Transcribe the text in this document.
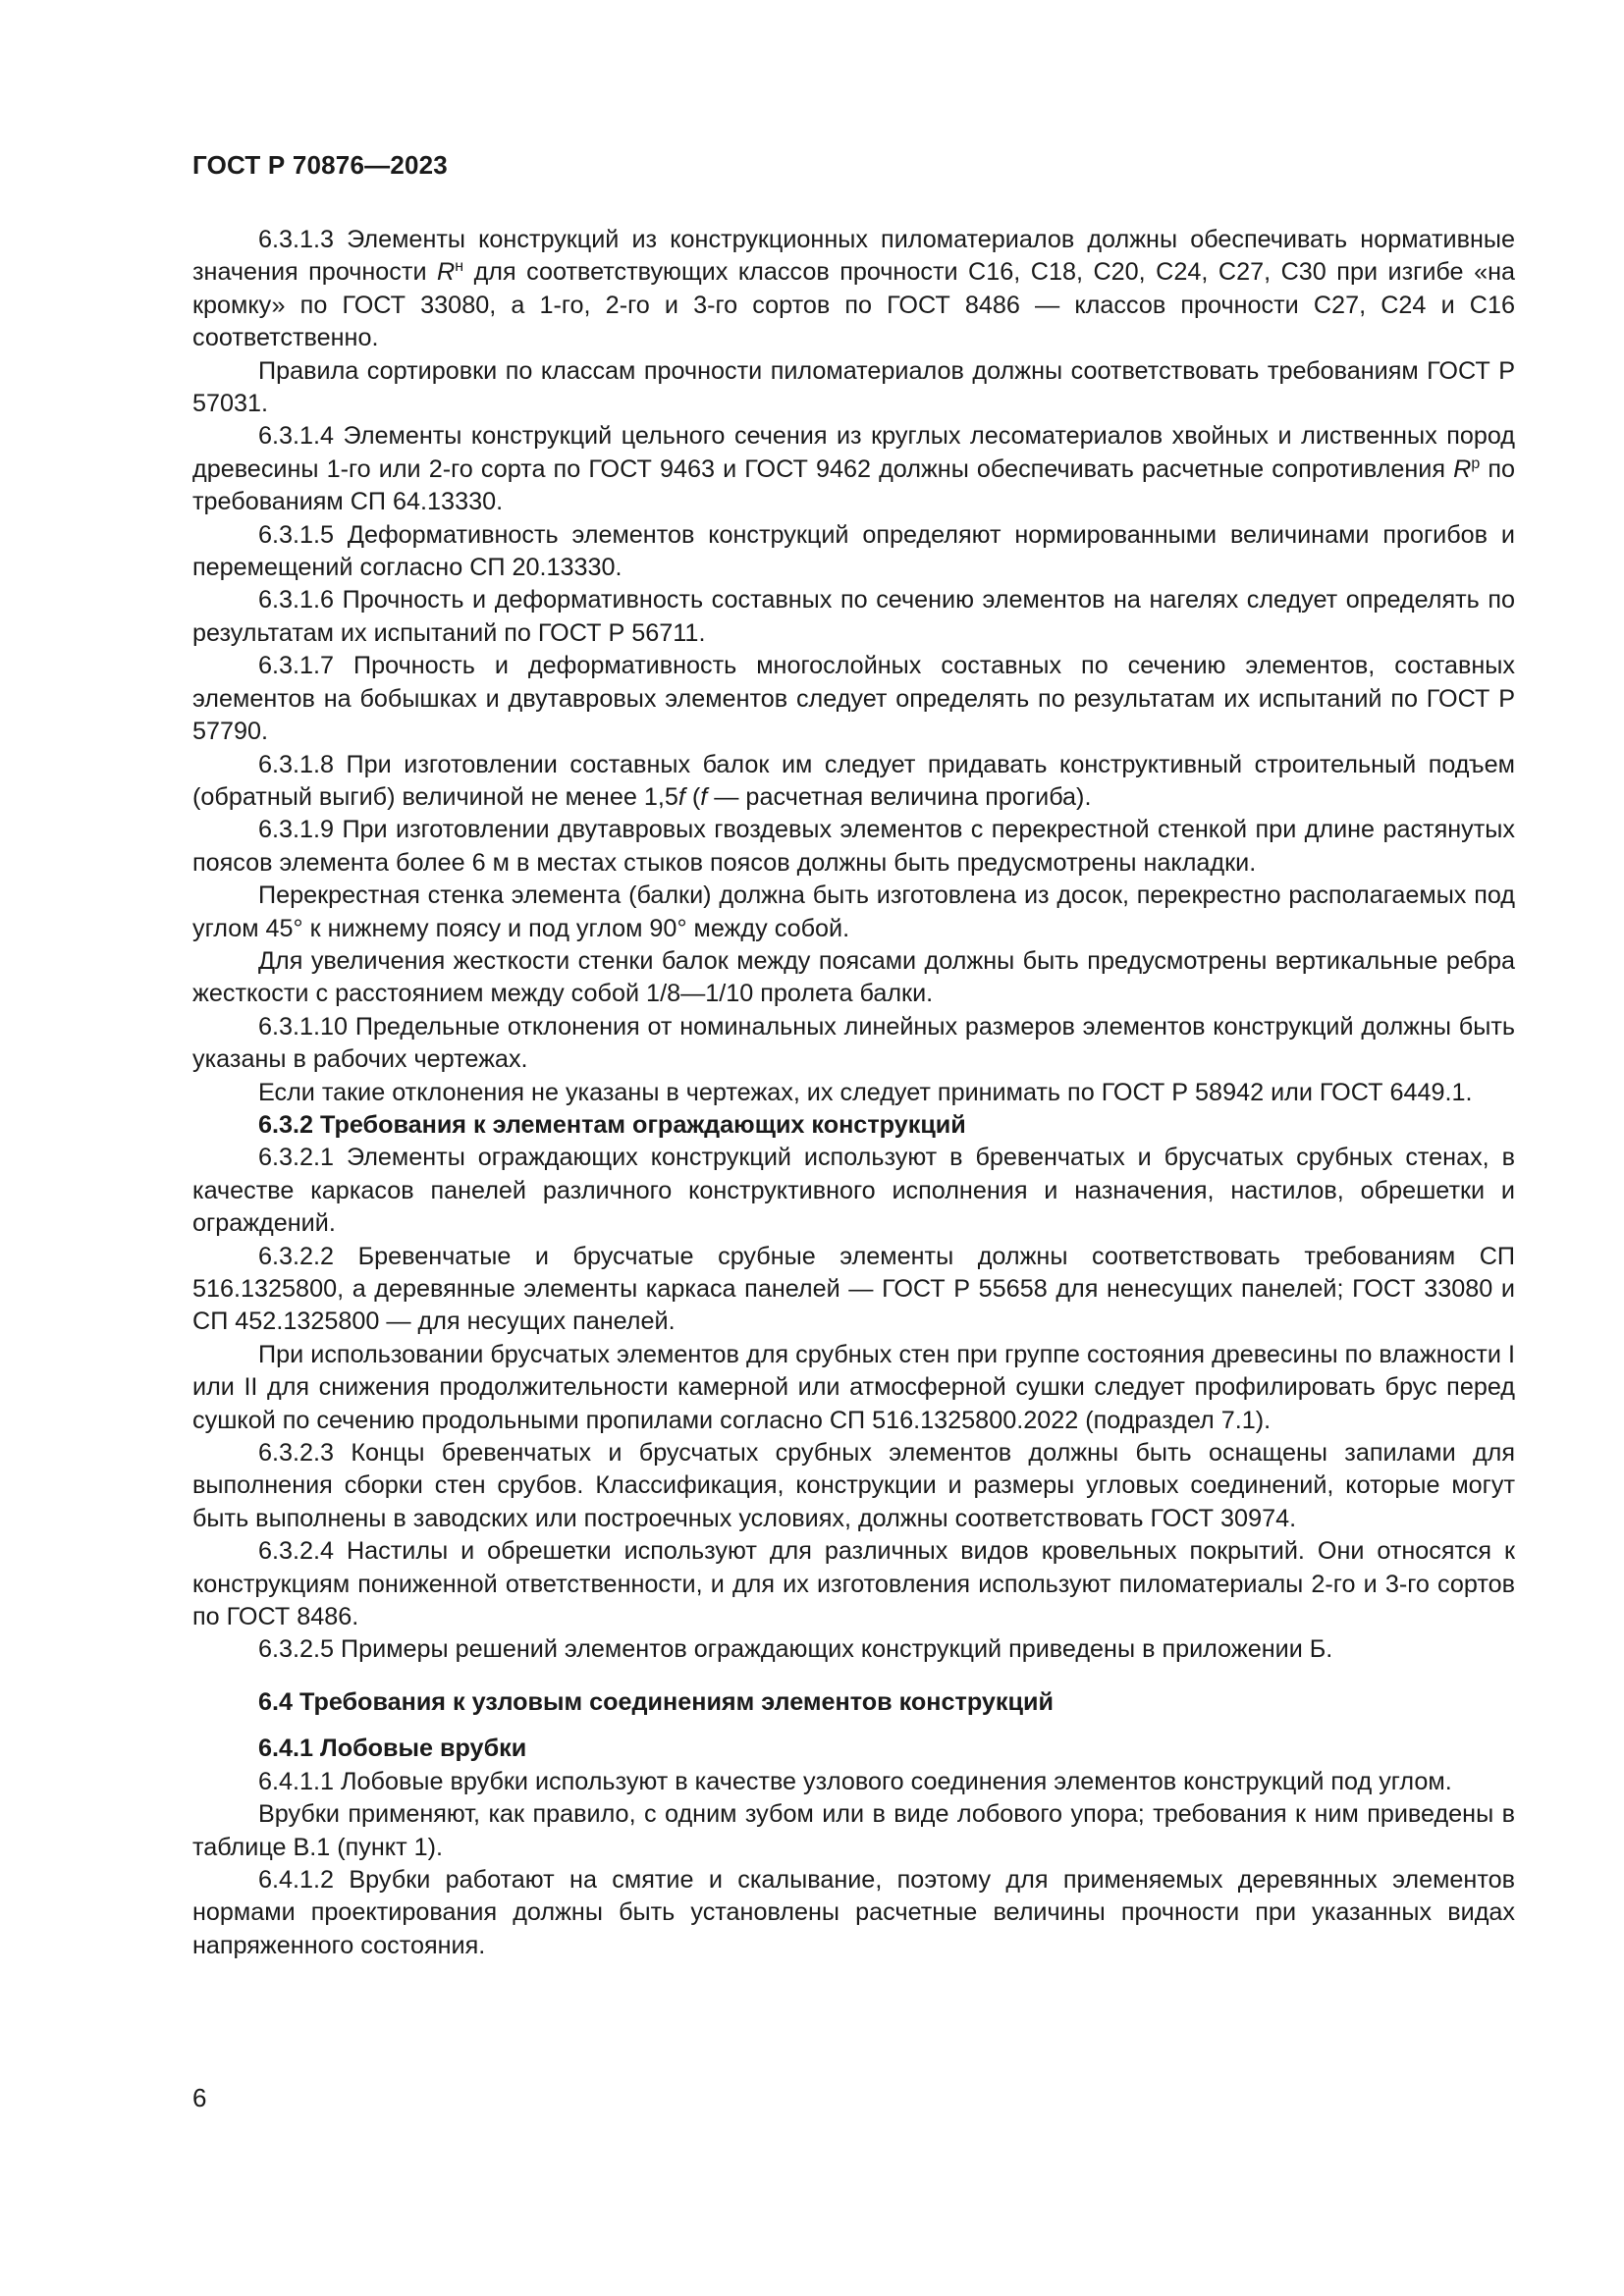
ГОСТ Р 70876—2023

6.3.1.3 Элементы конструкций из конструкционных пиломатериалов должны обеспечивать нормативные значения прочности $R^н$ для соответствующих классов прочности С16, С18, С20, С24, С27, С30 при изгибе «на кромку» по ГОСТ 33080, а 1-го, 2-го и 3-го сортов по ГОСТ 8486 — классов прочности С27, С24 и С16 соответственно.

Правила сортировки по классам прочности пиломатериалов должны соответствовать требованиям ГОСТ Р 57031.

6.3.1.4 Элементы конструкций цельного сечения из круглых лесоматериалов хвойных и лиственных пород древесины 1-го или 2-го сорта по ГОСТ 9463 и ГОСТ 9462 должны обеспечивать расчетные сопротивления $R^р$ по требованиям СП 64.13330.

6.3.1.5 Деформативность элементов конструкций определяют нормированными величинами прогибов и перемещений согласно СП 20.13330.

6.3.1.6 Прочность и деформативность составных по сечению элементов на нагелях следует определять по результатам их испытаний по ГОСТ Р 56711.

6.3.1.7 Прочность и деформативность многослойных составных по сечению элементов, составных элементов на бобышках и двутавровых элементов следует определять по результатам их испытаний по ГОСТ Р 57790.

6.3.1.8 При изготовлении составных балок им следует придавать конструктивный строительный подъем (обратный выгиб) величиной не менее 1,5f (f — расчетная величина прогиба).

6.3.1.9 При изготовлении двутавровых гвоздевых элементов с перекрестной стенкой при длине растянутых поясов элемента более 6 м в местах стыков поясов должны быть предусмотрены накладки.

Перекрестная стенка элемента (балки) должна быть изготовлена из досок, перекрестно располагаемых под углом 45° к нижнему поясу и под углом 90° между собой.

Для увеличения жесткости стенки балок между поясами должны быть предусмотрены вертикальные ребра жесткости с расстоянием между собой 1/8—1/10 пролета балки.

6.3.1.10 Предельные отклонения от номинальных линейных размеров элементов конструкций должны быть указаны в рабочих чертежах.

Если такие отклонения не указаны в чертежах, их следует принимать по ГОСТ Р 58942 или ГОСТ 6449.1.

6.3.2 Требования к элементам ограждающих конструкций

6.3.2.1 Элементы ограждающих конструкций используют в бревенчатых и брусчатых срубных стенах, в качестве каркасов панелей различного конструктивного исполнения и назначения, настилов, обрешетки и ограждений.

6.3.2.2 Бревенчатые и брусчатые срубные элементы должны соответствовать требованиям СП 516.1325800, а деревянные элементы каркаса панелей — ГОСТ Р 55658 для ненесущих панелей; ГОСТ 33080 и СП 452.1325800 — для несущих панелей.

При использовании брусчатых элементов для срубных стен при группе состояния древесины по влажности I или II для снижения продолжительности камерной или атмосферной сушки следует профилировать брус перед сушкой по сечению продольными пропилами согласно СП 516.1325800.2022 (подраздел 7.1).

6.3.2.3 Концы бревенчатых и брусчатых срубных элементов должны быть оснащены запилами для выполнения сборки стен срубов. Классификация, конструкции и размеры угловых соединений, которые могут быть выполнены в заводских или построечных условиях, должны соответствовать ГОСТ 30974.

6.3.2.4 Настилы и обрешетки используют для различных видов кровельных покрытий. Они относятся к конструкциям пониженной ответственности, и для их изготовления используют пиломатериалы 2-го и 3-го сортов по ГОСТ 8486.

6.3.2.5 Примеры решений элементов ограждающих конструкций приведены в приложении Б.

6.4 Требования к узловым соединениям элементов конструкций

6.4.1 Лобовые врубки

6.4.1.1 Лобовые врубки используют в качестве узлового соединения элементов конструкций под углом.

Врубки применяют, как правило, с одним зубом или в виде лобового упора; требования к ним приведены в таблице В.1 (пункт 1).

6.4.1.2 Врубки работают на смятие и скалывание, поэтому для применяемых деревянных элементов нормами проектирования должны быть установлены расчетные величины прочности при указанных видах напряженного состояния.

6
